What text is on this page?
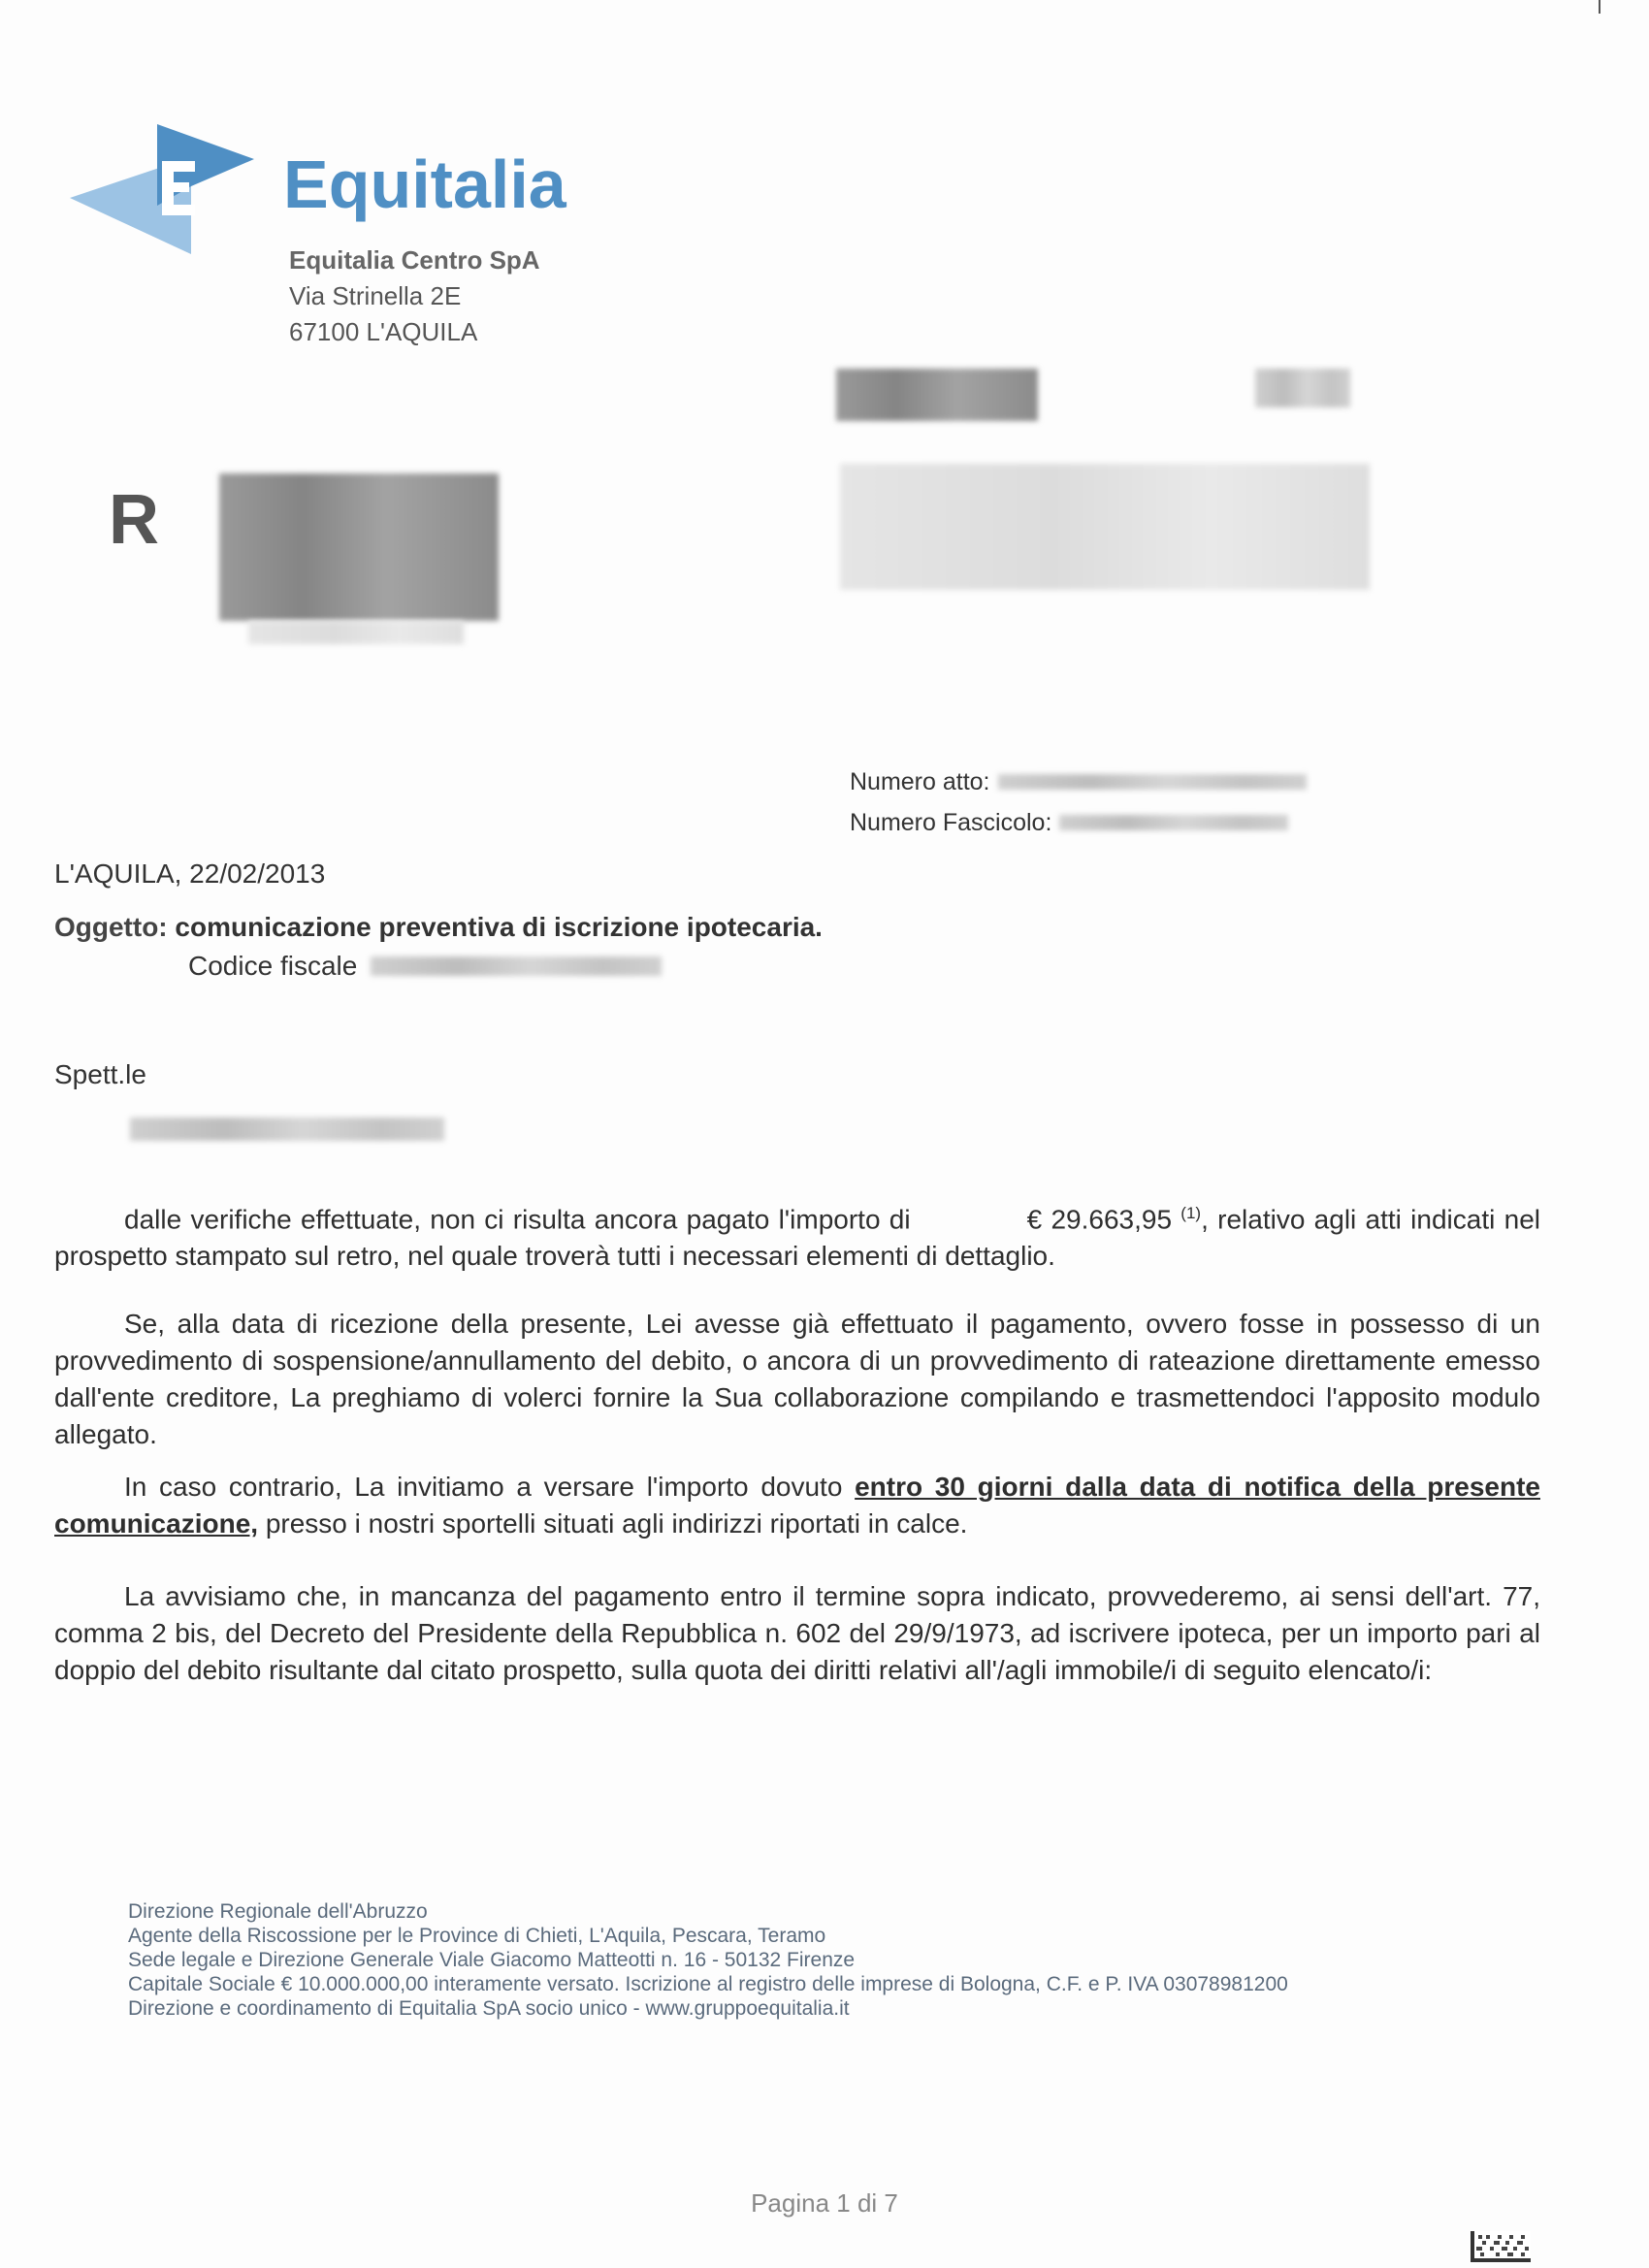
Equitalia
Equitalia Centro SpA
Via Strinella 2E
67100 L'AQUILA
R
Numero atto:
Numero Fascicolo:
L'AQUILA, 22/02/2013
Oggetto: comunicazione preventiva di iscrizione ipotecaria.
Codice fiscale
Spett.le

dalle verifiche effettuate, non ci risulta ancora pagato l'importo di	€ 29.663,95 $^{(1)}$, relativo agli atti indicati nel prospetto stampato sul retro, nel quale troverà tutti i necessari elementi di dettaglio.

Se, alla data di ricezione della presente, Lei avesse già effettuato il pagamento, ovvero fosse in possesso di un provvedimento di sospensione/annullamento del debito, o ancora di un provvedimento di rateazione direttamente emesso dall'ente creditore, La preghiamo di volerci fornire la Sua collaborazione compilando e trasmettendoci l'apposito modulo allegato.

In caso contrario, La invitiamo a versare l'importo dovuto entro 30 giorni dalla data di notifica della presente comunicazione, presso i nostri sportelli situati agli indirizzi riportati in calce.

La avvisiamo che, in mancanza del pagamento entro il termine sopra indicato, provvederemo, ai sensi dell'art. 77, comma 2 bis, del Decreto del Presidente della Repubblica n. 602 del 29/9/1973, ad iscrivere ipoteca, per un importo pari al doppio del debito risultante dal citato prospetto, sulla quota dei diritti relativi all'/agli immobile/i di seguito elencato/i:

Direzione Regionale dell'Abruzzo
Agente della Riscossione per le Province di Chieti, L'Aquila, Pescara, Teramo
Sede legale e Direzione Generale Viale Giacomo Matteotti n. 16 - 50132 Firenze
Capitale Sociale € 10.000.000,00 interamente versato. Iscrizione al registro delle imprese di Bologna, C.F. e P. IVA 03078981200
Direzione e coordinamento di Equitalia SpA socio unico - www.gruppoequitalia.it
Pagina 1 di 7
